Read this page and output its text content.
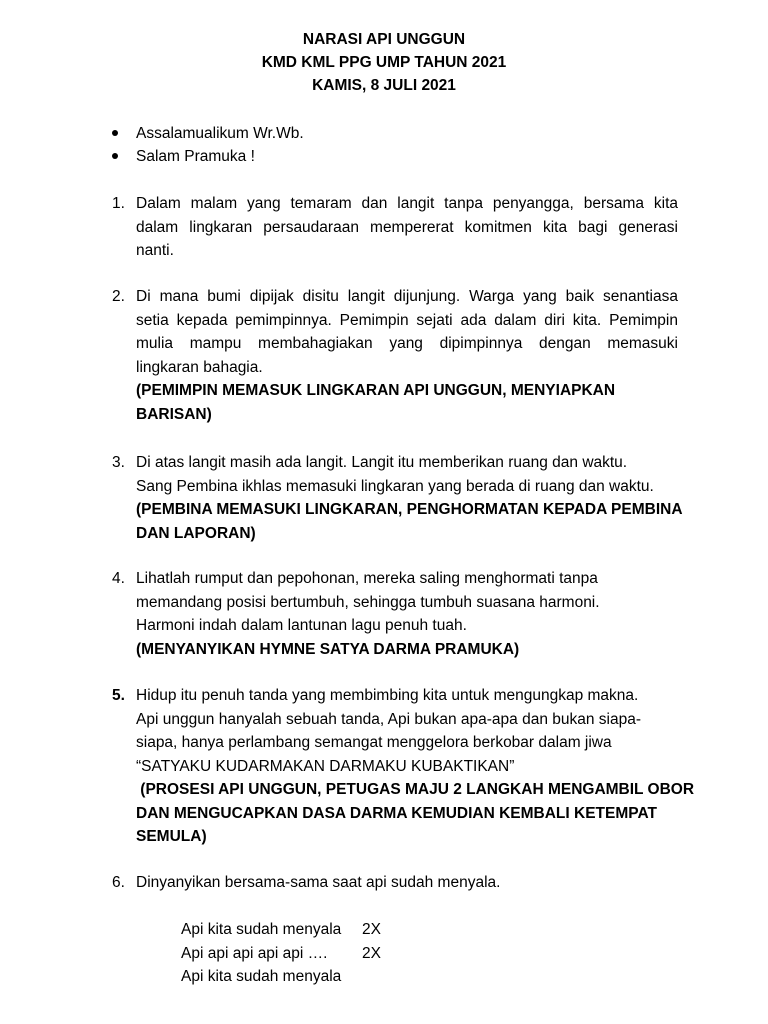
NARASI API UNGGUN
KMD KML PPG UMP TAHUN 2021
KAMIS, 8 JULI 2021
Assalamualikum Wr.Wb.
Salam Pramuka !
1. Dalam malam yang temaram dan langit tanpa penyangga, bersama kita
dalam lingkaran persaudaraan mempererat komitmen kita bagi generasi
nanti.
2. Di mana bumi dipijak disitu langit dijunjung. Warga yang baik senantiasa
setia kepada pemimpinnya. Pemimpin sejati ada dalam diri kita. Pemimpin
mulia mampu membahagiakan yang dipimpinnya dengan memasuki
lingkaran bahagia.
(PEMIMPIN MEMASUK LINGKARAN API UNGGUN, MENYIAPKAN
BARISAN)
3. Di atas langit masih ada langit. Langit itu memberikan ruang dan waktu.
Sang Pembina ikhlas memasuki lingkaran yang berada di ruang dan waktu.
(PEMBINA MEMASUKI LINGKARAN, PENGHORMATAN KEPADA PEMBINA
DAN LAPORAN)
4. Lihatlah rumput dan pepohonan, mereka saling menghormati tanpa
memandang posisi bertumbuh, sehingga tumbuh suasana harmoni.
Harmoni indah dalam lantunan lagu penuh tuah.
(MENYANYIKAN HYMNE SATYA DARMA PRAMUKA)
5. Hidup itu penuh tanda yang membimbing kita untuk mengungkap makna.
Api unggun hanyalah sebuah tanda, Api bukan apa-apa dan bukan siapa-
siapa, hanya perlambang semangat menggelora berkobar dalam jiwa
“SATYAKU KUDARMAKAN DARMAKU KUBAKTIKAN”
(PROSESI API UNGGUN, PETUGAS MAJU 2 LANGKAH MENGAMBIL OBOR
DAN MENGUCAPKAN DASA DARMA KEMUDIAN KEMBALI KETEMPAT
SEMULA)
6. Dinyanyikan bersama-sama saat api sudah menyala.
Api kita sudah menyala 2X
Api api api api api …. 2X
Api kita sudah menyala
